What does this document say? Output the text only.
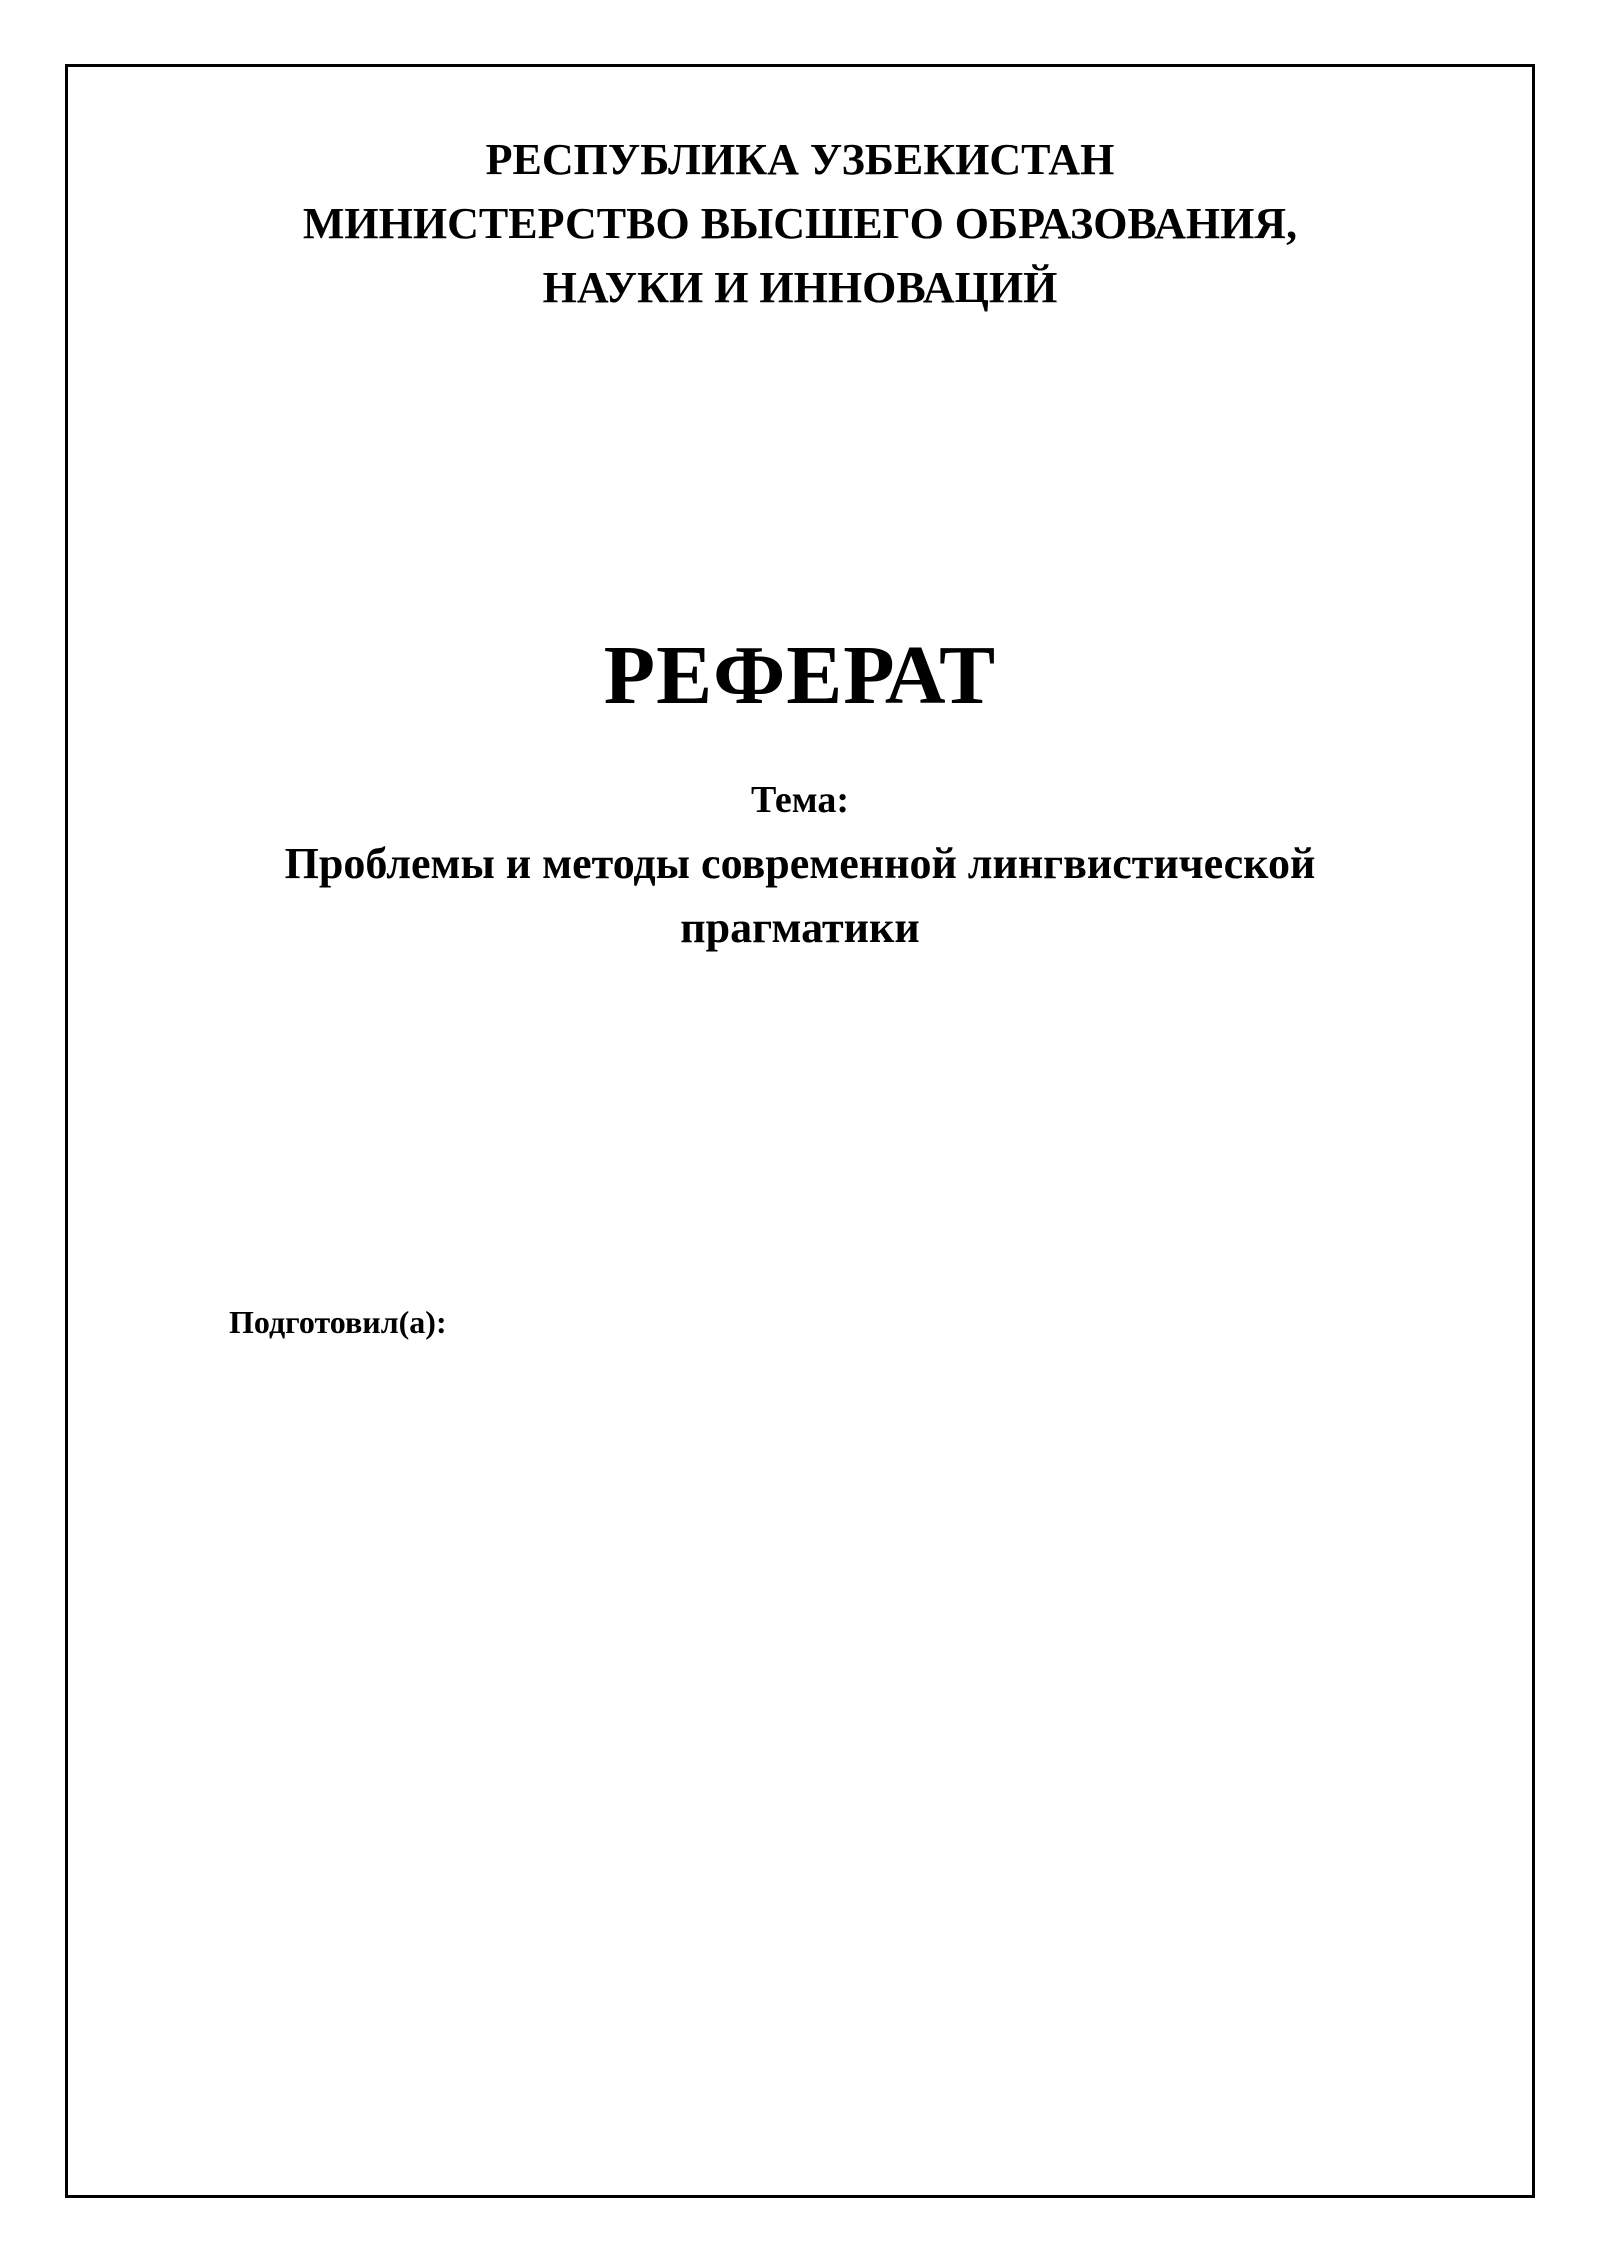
РЕСПУБЛИКА УЗБЕКИСТАН
МИНИСТЕРСТВО ВЫСШЕГО ОБРАЗОВАНИЯ,
НАУКИ И ИННОВАЦИЙ
РЕФЕРАТ
Тема:
Проблемы и методы современной лингвистической
прагматики
Подготовил(а):
